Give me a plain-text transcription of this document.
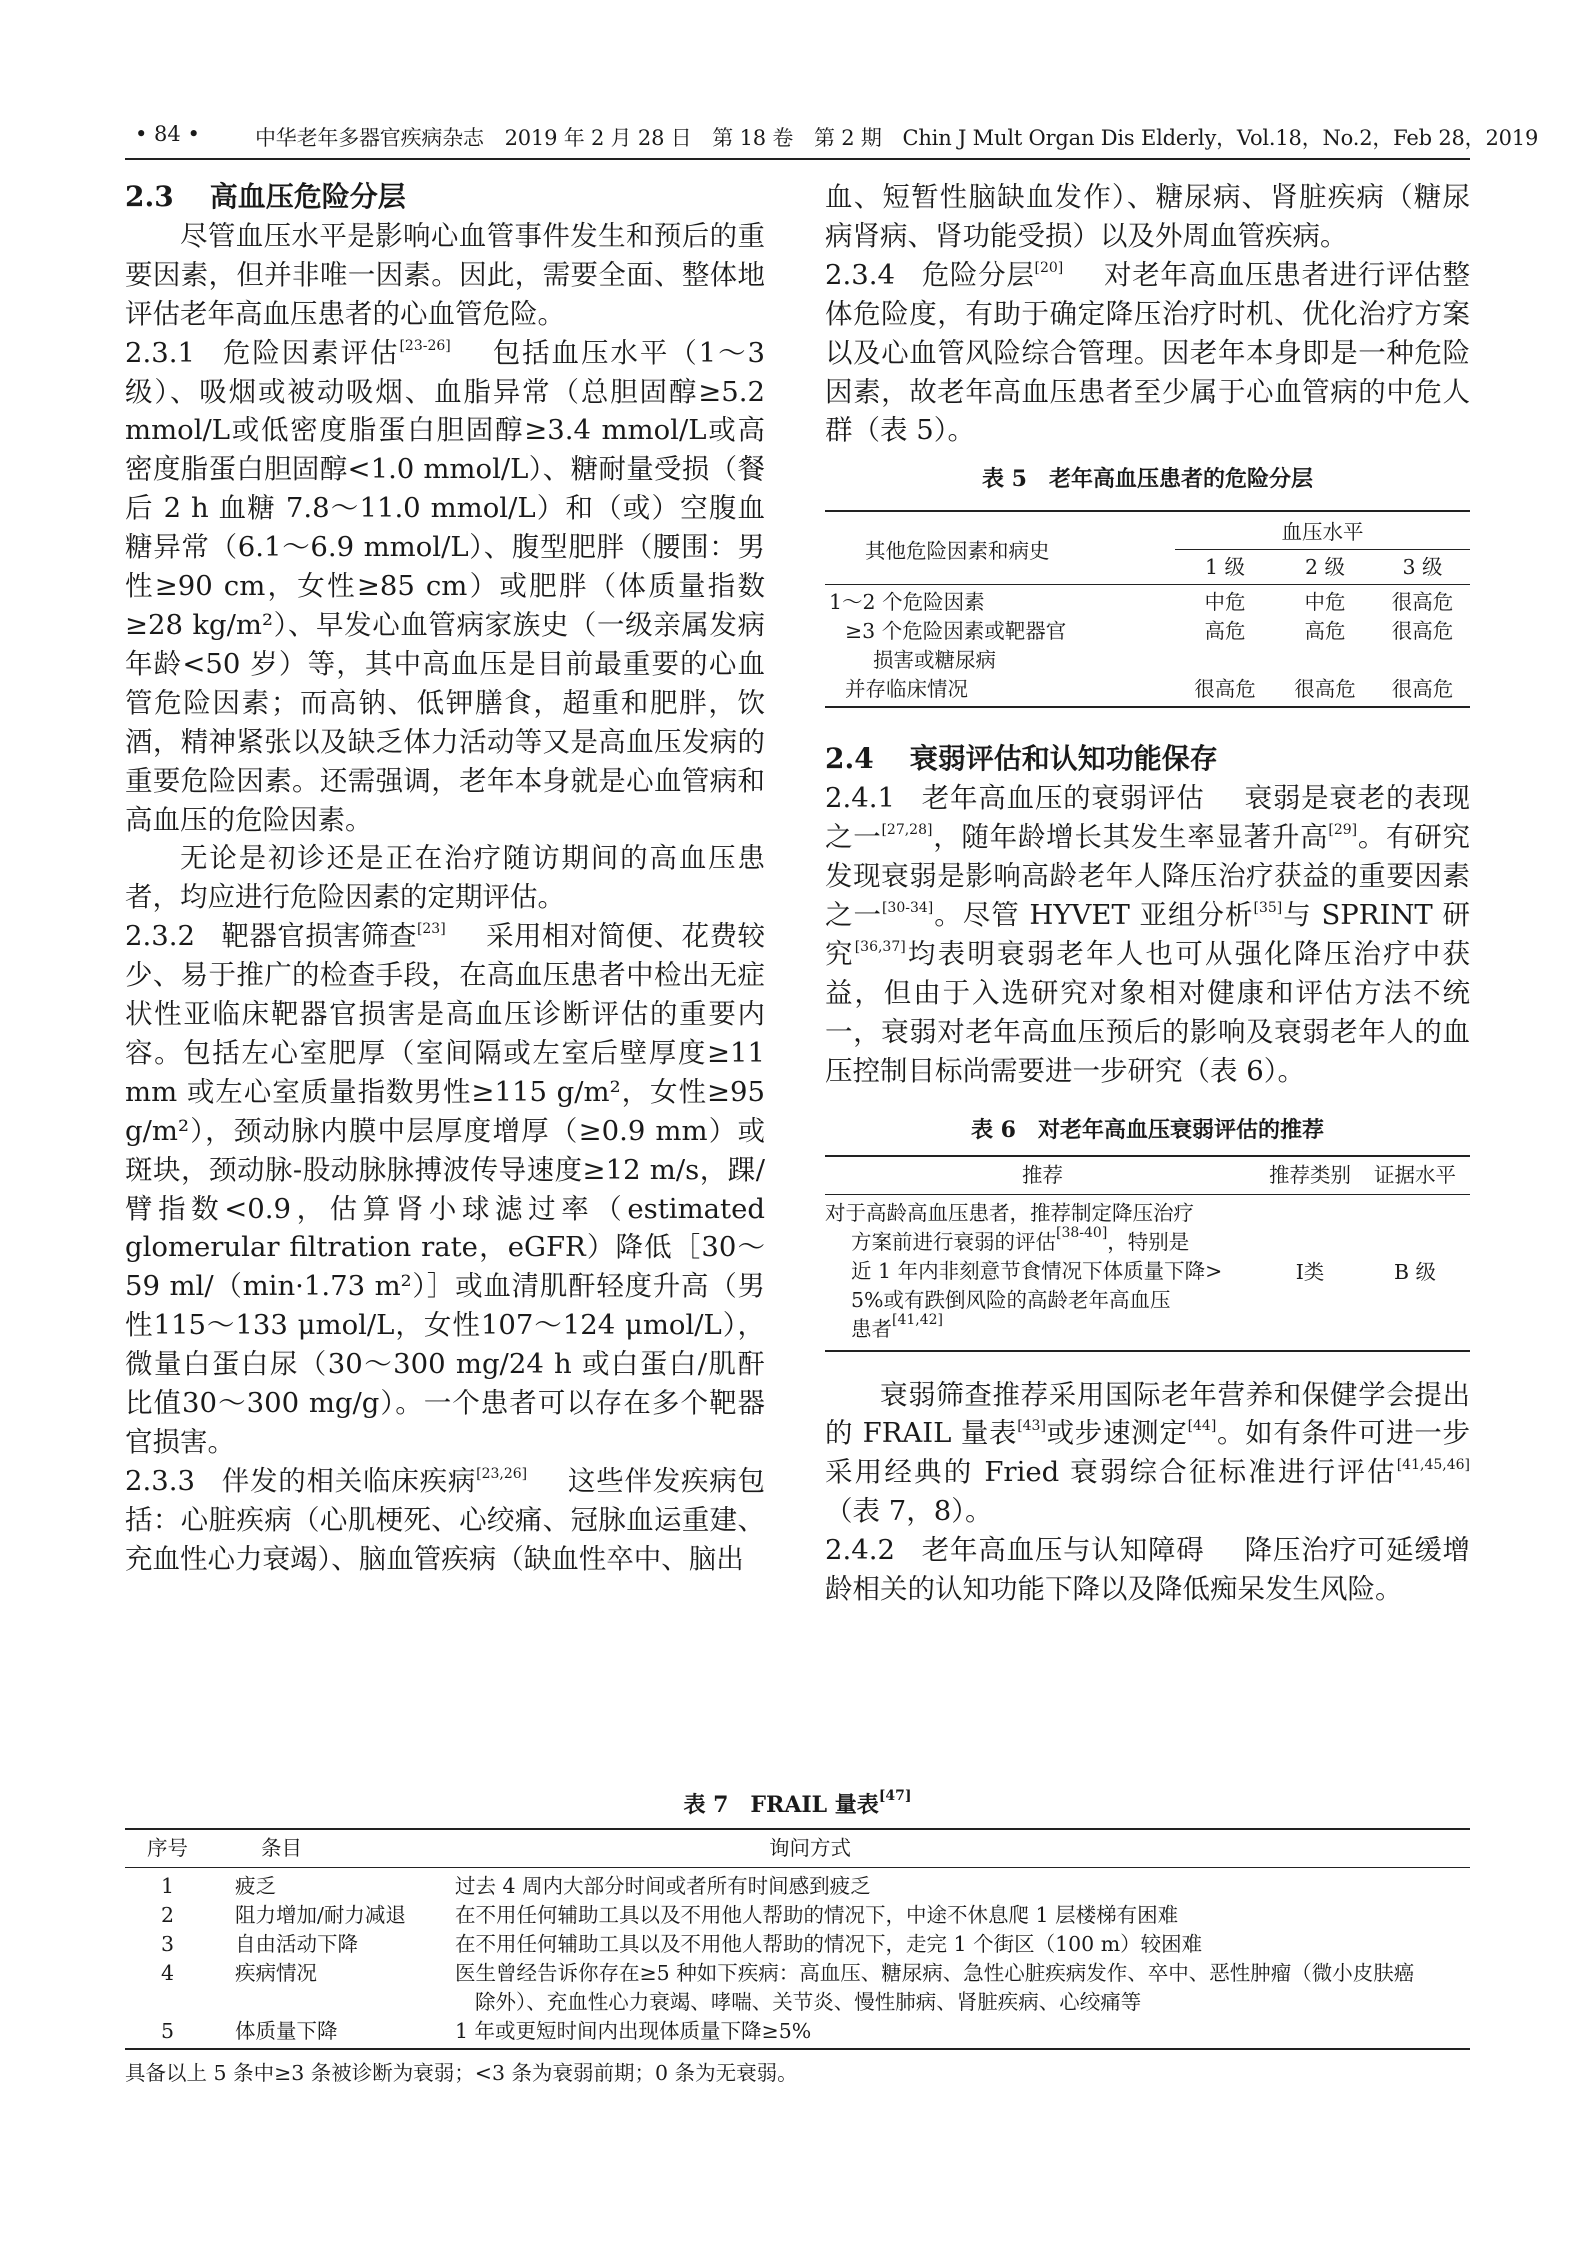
• 84 •	中华老年多器官疾病杂志　2019 年 2 月 28 日　第 18 卷　第 2 期　Chin J Mult Organ Dis Elderly，Vol.18，No.2，Feb 28，2019

2.3 高血压危险分层

尽管血压水平是影响心血管事件发生和预后的重要因素，但并非唯一因素。因此，需要全面、整体地评估老年高血压患者的心血管危险。

2.3.1 危险因素评估[23-26] 包括血压水平（1～3 级）、吸烟或被动吸烟、血脂异常（总胆固醇≥5.2 mmol/L或低密度脂蛋白胆固醇≥3.4 mmol/L或高密度脂蛋白胆固醇<1.0 mmol/L）、糖耐量受损（餐后 2 h 血糖 7.8～11.0 mmol/L）和（或）空腹血糖异常（6.1～6.9 mmol/L）、腹型肥胖（腰围：男性≥90 cm，女性≥85 cm）或肥胖（体质量指数≥28 kg/m²）、早发心血管病家族史（一级亲属发病年龄<50 岁）等，其中高血压是目前最重要的心血管危险因素；而高钠、低钾膳食，超重和肥胖，饮酒，精神紧张以及缺乏体力活动等又是高血压发病的重要危险因素。还需强调，老年本身就是心血管病和高血压的危险因素。

无论是初诊还是正在治疗随访期间的高血压患者，均应进行危险因素的定期评估。

2.3.2 靶器官损害筛查[23] 采用相对简便、花费较少、易于推广的检查手段，在高血压患者中检出无症状性亚临床靶器官损害是高血压诊断评估的重要内容。包括左心室肥厚（室间隔或左室后壁厚度≥11 mm 或左心室质量指数男性≥115 g/m²，女性≥95 g/m²），颈动脉内膜中层厚度增厚（≥0.9 mm）或斑块，颈动脉-股动脉脉搏波传导速度≥12 m/s，踝/臂指数<0.9，估算肾小球滤过率（estimated glomerular filtration rate，eGFR）降低［30～59 ml/（min·1.73 m²）］或血清肌酐轻度升高（男性115～133 μmol/L，女性107～124 μmol/L），微量白蛋白尿（30～300 mg/24 h 或白蛋白/肌酐比值30～300 mg/g）。一个患者可以存在多个靶器官损害。

2.3.3 伴发的相关临床疾病[23,26] 这些伴发疾病包括：心脏疾病（心肌梗死、心绞痛、冠脉血运重建、充血性心力衰竭）、脑血管疾病（缺血性卒中、脑出

血、短暂性脑缺血发作）、糖尿病、肾脏疾病（糖尿病肾病、肾功能受损）以及外周血管疾病。

2.3.4 危险分层[20] 对老年高血压患者进行评估整体危险度，有助于确定降压治疗时机、优化治疗方案以及心血管风险综合管理。因老年本身即是一种危险因素，故老年高血压患者至少属于心血管病的中危人群（表 5）。

表 5　老年高血压患者的危险分层

其他危险因素和病史	血压水平		
	1 级	2 级	3 级
1～2 个危险因素	中危	中危	很高危
≥3 个危险因素或靶器官
损害或糖尿病	高危	高危	很高危
并存临床情况	很高危	很高危	很高危

2.4 衰弱评估和认知功能保存

2.4.1 老年高血压的衰弱评估 衰弱是衰老的表现之一[27,28]，随年龄增长其发生率显著升高[29]。有研究发现衰弱是影响高龄老年人降压治疗获益的重要因素之一[30-34]。尽管 HYVET 亚组分析[35]与 SPRINT 研究[36,37]均表明衰弱老年人也可从强化降压治疗中获益，但由于入选研究对象相对健康和评估方法不统一，衰弱对老年高血压预后的影响及衰弱老年人的血压控制目标尚需要进一步研究（表 6）。

表 6　对老年高血压衰弱评估的推荐

推荐	推荐类别	证据水平

对于高龄高血压患者，推荐制定降压治疗
方案前进行衰弱的评估[38-40]，特别是
近 1 年内非刻意节食情况下体质量下降>
5%或有跌倒风险的高龄老年高血压
患者[41,42]	Ⅰ类	B 级

衰弱筛查推荐采用国际老年营养和保健学会提出的 FRAIL 量表[43]或步速测定[44]。如有条件可进一步采用经典的 Fried 衰弱综合征标准进行评估[41,45,46]（表 7，8）。

2.4.2 老年高血压与认知障碍 降压治疗可延缓增龄相关的认知功能下降以及降低痴呆发生风险。

表 7　FRAIL 量表[47]

序号	条目	询问方式
1	疲乏	过去 4 周内大部分时间或者所有时间感到疲乏
2	阻力增加/耐力减退	在不用任何辅助工具以及不用他人帮助的情况下，中途不休息爬 1 层楼梯有困难
3	自由活动下降	在不用任何辅助工具以及不用他人帮助的情况下，走完 1 个街区（100 m）较困难
4	疾病情况	医生曾经告诉你存在≥5 种如下疾病：高血压、糖尿病、急性心脏疾病发作、卒中、恶性肿瘤（微小皮肤癌
除外）、充血性心力衰竭、哮喘、关节炎、慢性肺病、肾脏疾病、心绞痛等

5	体质量下降	1 年或更短时间内出现体质量下降≥5%

具备以上 5 条中≥3 条被诊断为衰弱；<3 条为衰弱前期；0 条为无衰弱。
